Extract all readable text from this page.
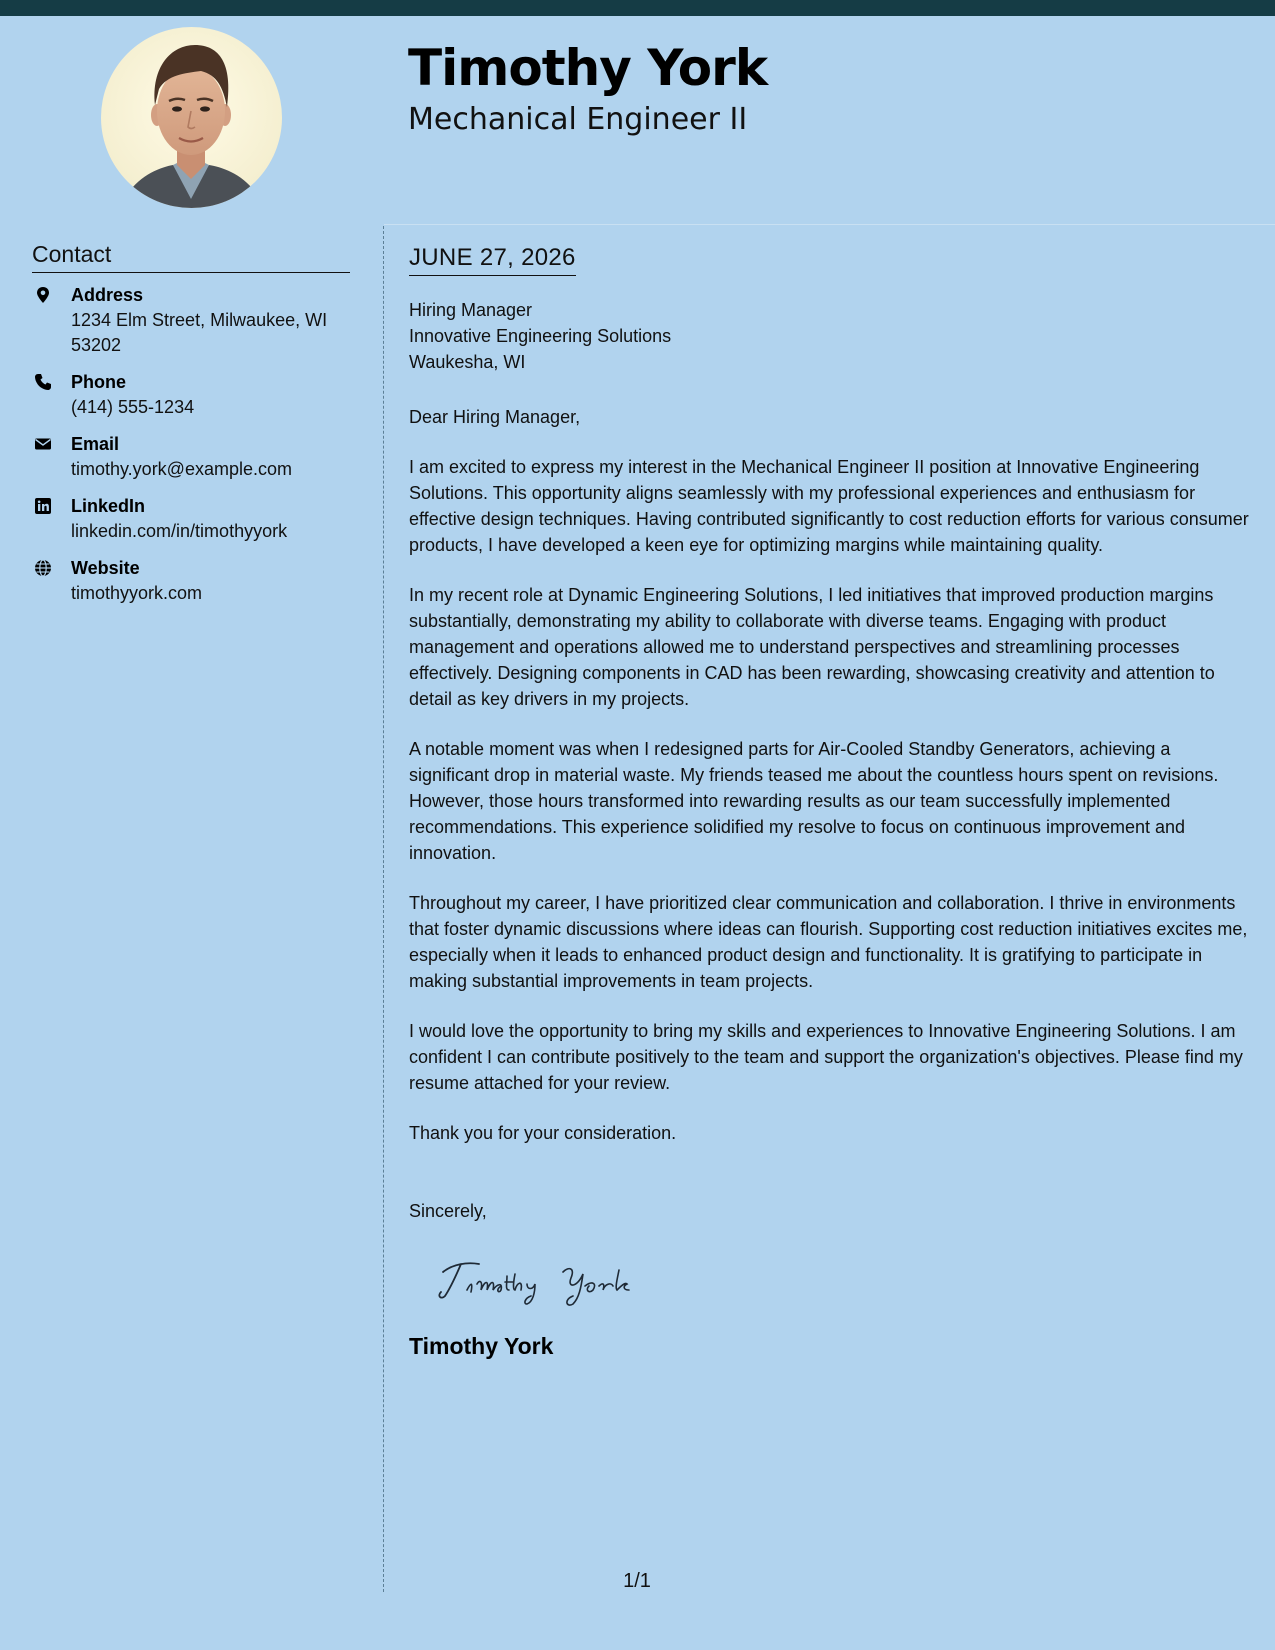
Timothy York
Mechanical Engineer II
Contact
Address
1234 Elm Street, Milwaukee, WI 53202
Phone
(414) 555-1234
Email
timothy.york@example.com
LinkedIn
linkedin.com/in/timothyyork
Website
timothyyork.com
JUNE 27, 2026
Hiring Manager
Innovative Engineering Solutions
Waukesha, WI
Dear Hiring Manager,

I am excited to express my interest in the Mechanical Engineer II position at Innovative Engineering Solutions. This opportunity aligns seamlessly with my professional experiences and enthusiasm for effective design techniques. Having contributed significantly to cost reduction efforts for various consumer products, I have developed a keen eye for optimizing margins while maintaining quality.

In my recent role at Dynamic Engineering Solutions, I led initiatives that improved production margins substantially, demonstrating my ability to collaborate with diverse teams. Engaging with product management and operations allowed me to understand perspectives and streamlining processes effectively. Designing components in CAD has been rewarding, showcasing creativity and attention to detail as key drivers in my projects.

A notable moment was when I redesigned parts for Air-Cooled Standby Generators, achieving a significant drop in material waste. My friends teased me about the countless hours spent on revisions. However, those hours transformed into rewarding results as our team successfully implemented recommendations. This experience solidified my resolve to focus on continuous improvement and innovation.

Throughout my career, I have prioritized clear communication and collaboration. I thrive in environments that foster dynamic discussions where ideas can flourish. Supporting cost reduction initiatives excites me, especially when it leads to enhanced product design and functionality. It is gratifying to participate in making substantial improvements in team projects.

I would love the opportunity to bring my skills and experiences to Innovative Engineering Solutions. I am confident I can contribute positively to the team and support the organization's objectives. Please find my resume attached for your review.

Thank you for your consideration.

Sincerely,
Timothy York
1/1
